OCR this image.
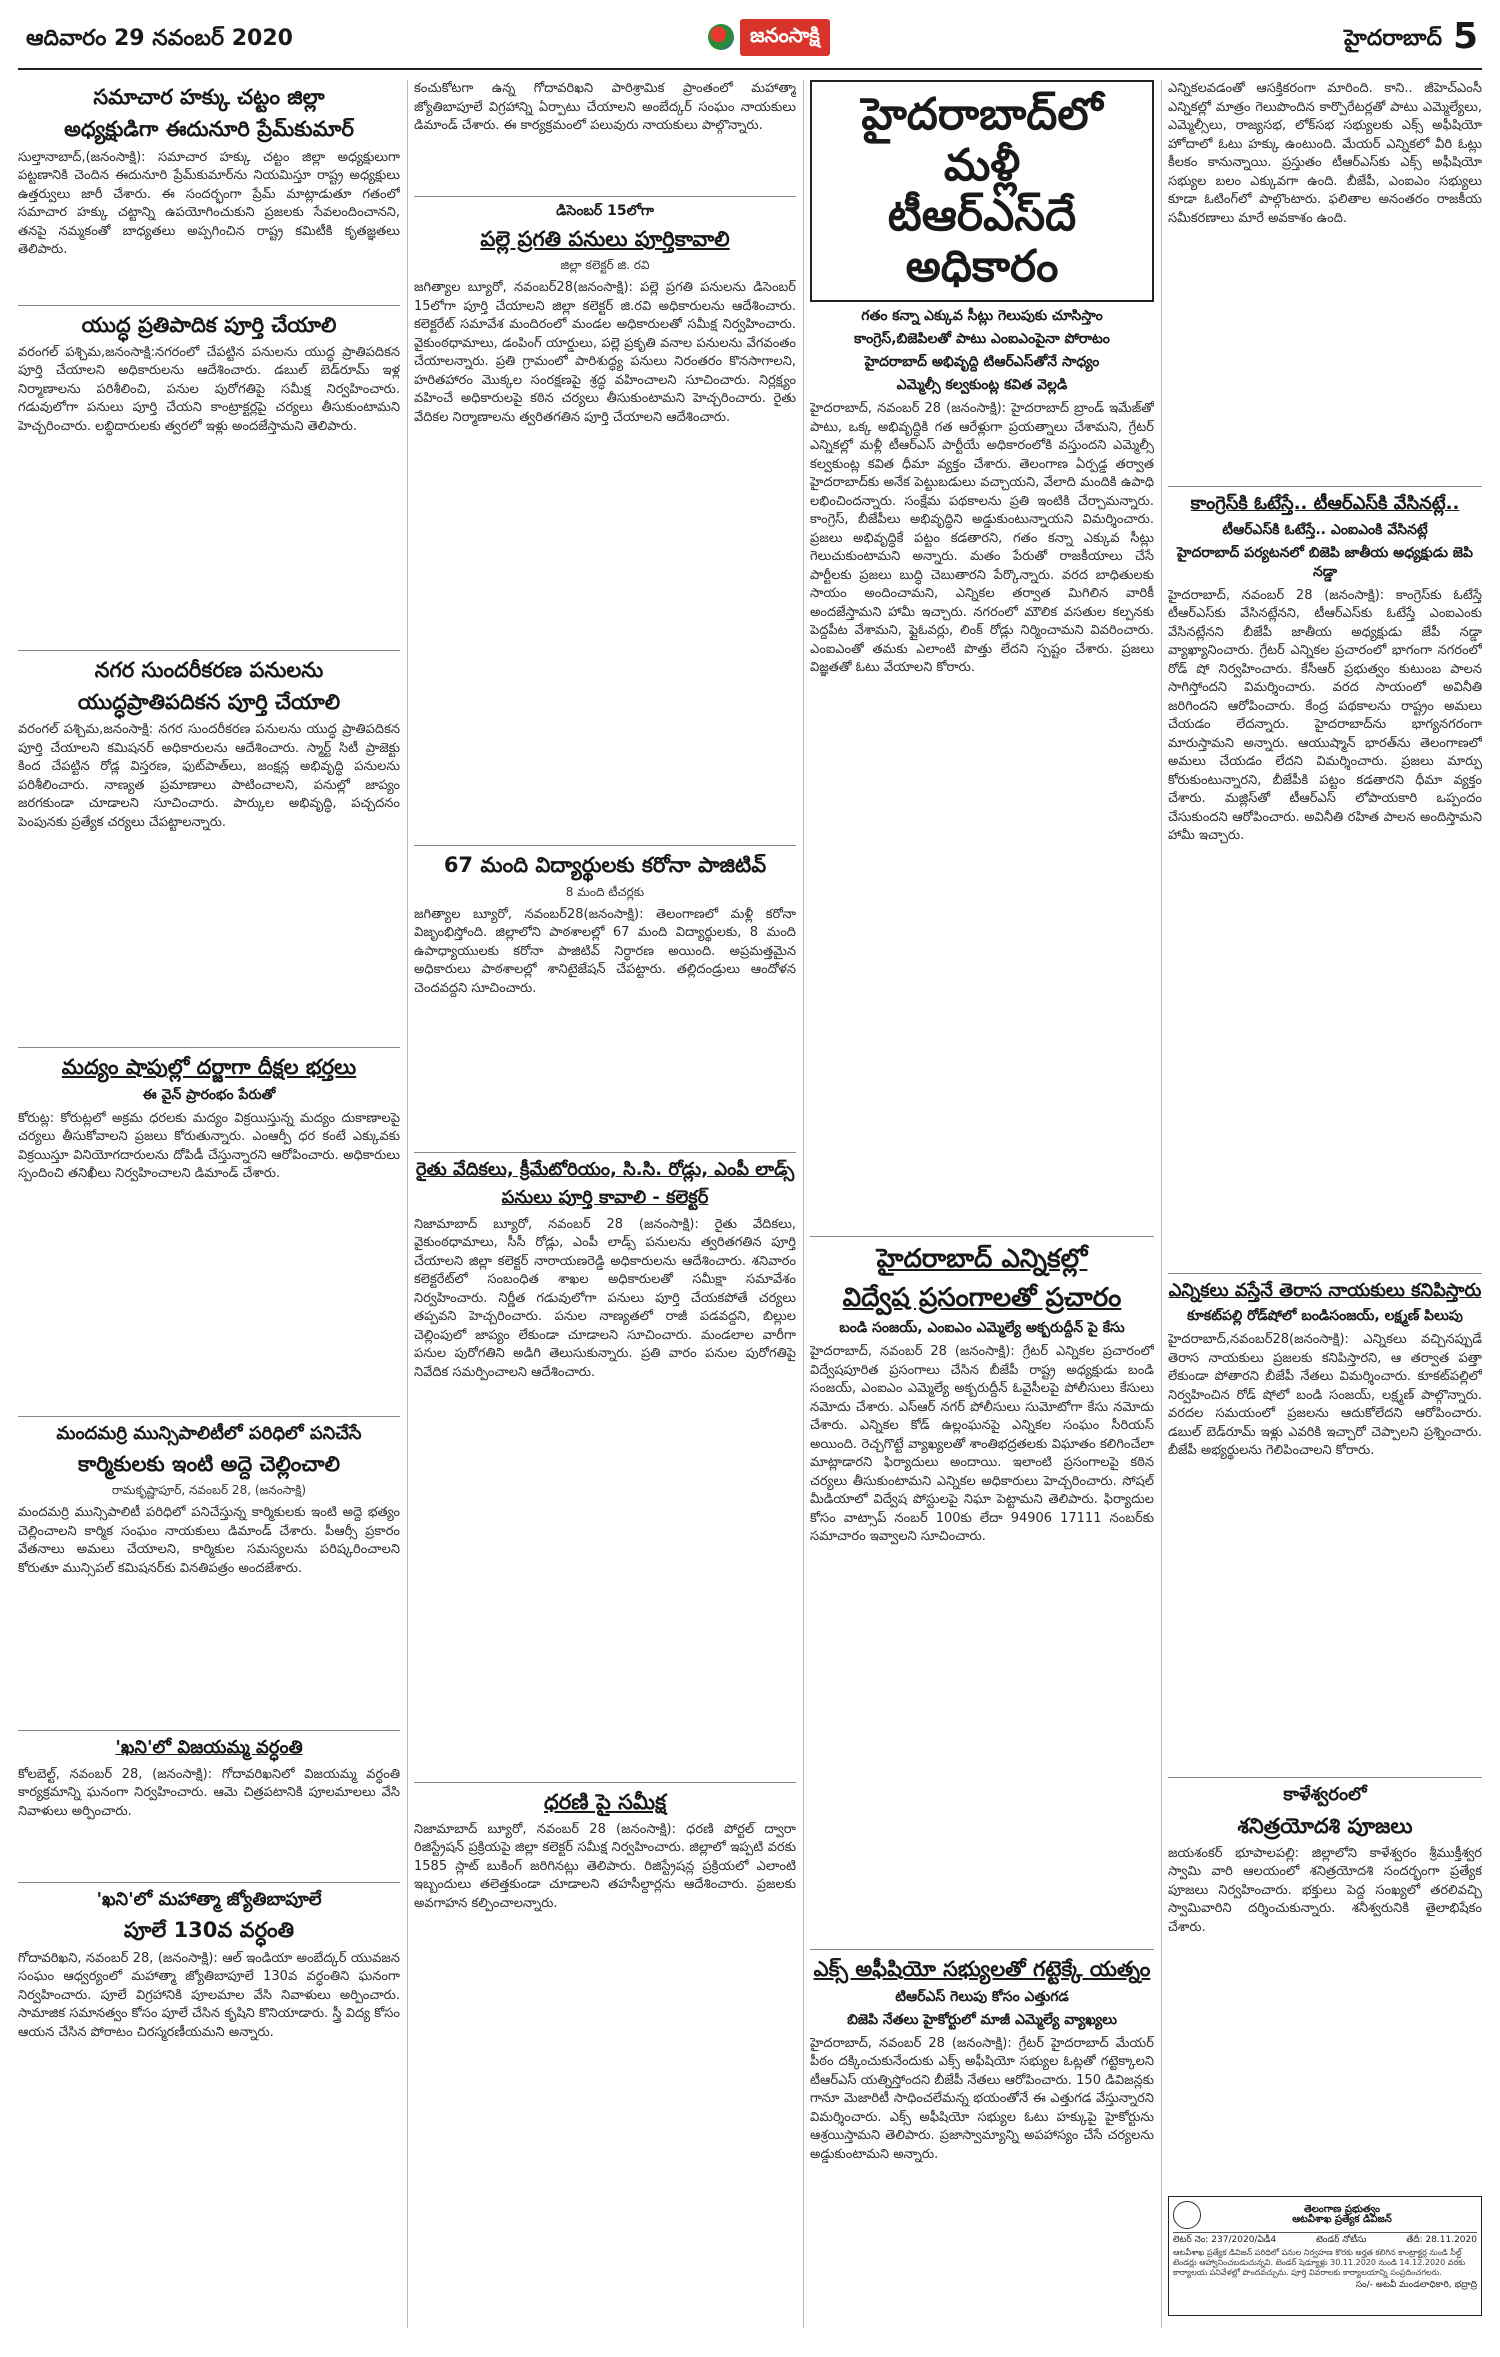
ఆదివారం 29 నవంబర్ 2020	జనంసాక్షి	హైదరాబాద్ 5
సమాచార హక్కు చట్టం జిల్లా
అధ్యక్షుడిగా ఈదునూరి ప్రేమ్‌కుమార్
సుల్తానాబాద్,(జనంసాక్షి): సమాచార హక్కు చట్టం జిల్లా అధ్యక్షులుగా పట్టణానికి చెందిన ఈదునూరి ప్రేమ్‌కుమార్‌ను నియమిస్తూ రాష్ట్ర అధ్యక్షులు ఉత్తర్వులు జారీ చేశారు. ఈ సందర్భంగా ప్రేమ్ మాట్లాడుతూ గతంలో సమాచార హక్కు చట్టాన్ని ఉపయోగించుకుని ప్రజలకు సేవలందించానని, తనపై నమ్మకంతో బాధ్యతలు అప్పగించిన రాష్ట్ర కమిటీకి కృతజ్ఞతలు తెలిపారు.
యుద్ధ ప్రతిపాదిక పూర్తి చేయాలి
వరంగల్ పశ్చిమ,జనంసాక్షి:నగరంలో చేపట్టిన పనులను యుద్ధ ప్రాతిపదికన పూర్తి చేయాలని అధికారులను ఆదేశించారు. డబుల్ బెడ్‌రూమ్ ఇళ్ల నిర్మాణాలను పరిశీలించి, పనుల పురోగతిపై సమీక్ష నిర్వహించారు. గడువులోగా పనులు పూర్తి చేయని కాంట్రాక్టర్లపై చర్యలు తీసుకుంటామని హెచ్చరించారు. లబ్ధిదారులకు త్వరలో ఇళ్లు అందజేస్తామని తెలిపారు.
నగర సుందరీకరణ పనులను
యుద్ధప్రాతిపదికన పూర్తి చేయాలి
వరంగల్ పశ్చిమ,జనంసాక్షి: నగర సుందరీకరణ పనులను యుద్ధ ప్రాతిపదికన పూర్తి చేయాలని కమిషనర్ అధికారులను ఆదేశించారు. స్మార్ట్ సిటీ ప్రాజెక్టు కింద చేపట్టిన రోడ్ల విస్తరణ, ఫుట్‌పాత్‌లు, జంక్షన్ల అభివృద్ధి పనులను పరిశీలించారు. నాణ్యత ప్రమాణాలు పాటించాలని, పనుల్లో జాప్యం జరగకుండా చూడాలని సూచించారు. పార్కుల అభివృద్ధి, పచ్చదనం పెంపునకు ప్రత్యేక చర్యలు చేపట్టాలన్నారు.
మద్యం షాపుల్లో దర్జాగా దీక్షల భర్తలు
ఈ వైన్ ప్రారంభం పేరుతో
కోరుట్ల: కోరుట్లలో అక్రమ ధరలకు మద్యం విక్రయిస్తున్న మద్యం దుకాణాలపై చర్యలు తీసుకోవాలని ప్రజలు కోరుతున్నారు. ఎంఆర్పీ ధర కంటే ఎక్కువకు విక్రయిస్తూ వినియోగదారులను దోపిడీ చేస్తున్నారని ఆరోపించారు. అధికారులు స్పందించి తనిఖీలు నిర్వహించాలని డిమాండ్ చేశారు.
మందమర్రి మున్సిపాలిటీలో పరిధిలో పనిచేసే
కార్మికులకు ఇంటి అద్దె చెల్లించాలి
రామకృష్ణాపూర్, నవంబర్ 28, (జనంసాక్షి)
మందమర్రి మున్సిపాలిటీ పరిధిలో పనిచేస్తున్న కార్మికులకు ఇంటి అద్దె భత్యం చెల్లించాలని కార్మిక సంఘం నాయకులు డిమాండ్ చేశారు. పీఆర్సీ ప్రకారం వేతనాలు అమలు చేయాలని, కార్మికుల సమస్యలను పరిష్కరించాలని కోరుతూ మున్సిపల్ కమిషనర్‌కు వినతిపత్రం అందజేశారు.
'ఖని'లో విజయమ్మ వర్ధంతి
కోలబెల్ట్, నవంబర్ 28, (జనంసాక్షి): గోదావరిఖనిలో విజయమ్మ వర్ధంతి కార్యక్రమాన్ని ఘనంగా నిర్వహించారు. ఆమె చిత్రపటానికి పూలమాలలు వేసి నివాళులు అర్పించారు.
'ఖని'లో మహాత్మా జ్యోతిబాపూలే
పూలే 130వ వర్ధంతి
గోదావరిఖని, నవంబర్ 28, (జనంసాక్షి): ఆల్ ఇండియా అంబేద్కర్ యువజన సంఘం ఆధ్వర్యంలో మహాత్మా జ్యోతిబాపూలే 130వ వర్ధంతిని ఘనంగా నిర్వహించారు. పూలే విగ్రహానికి పూలమాల వేసి నివాళులు అర్పించారు. సామాజిక సమానత్వం కోసం పూలే చేసిన కృషిని కొనియాడారు. స్త్రీ విద్య కోసం ఆయన చేసిన పోరాటం చిరస్మరణీయమని అన్నారు.
కంచుకోటగా ఉన్న గోదావరిఖని పారిశ్రామిక ప్రాంతంలో మహాత్మా జ్యోతిబాపూలే విగ్రహాన్ని ఏర్పాటు చేయాలని అంబేద్కర్ సంఘం నాయకులు డిమాండ్ చేశారు. ఈ కార్యక్రమంలో పలువురు నాయకులు పాల్గొన్నారు.
డిసెంబర్ 15లోగా
పల్లె ప్రగతి పనులు పూర్తికావాలి
జిల్లా కలెక్టర్ జి. రవి
జగిత్యాల బ్యూరో, నవంబర్28(జనంసాక్షి): పల్లె ప్రగతి పనులను డిసెంబర్ 15లోగా పూర్తి చేయాలని జిల్లా కలెక్టర్ జి.రవి అధికారులను ఆదేశించారు. కలెక్టరేట్ సమావేశ మందిరంలో మండల అధికారులతో సమీక్ష నిర్వహించారు. వైకుంఠధామాలు, డంపింగ్ యార్డులు, పల్లె ప్రకృతి వనాల పనులను వేగవంతం చేయాలన్నారు. ప్రతి గ్రామంలో పారిశుద్ధ్య పనులు నిరంతరం కొనసాగాలని, హరితహారం మొక్కల సంరక్షణపై శ్రద్ధ వహించాలని సూచించారు. నిర్లక్ష్యం వహించే అధికారులపై కఠిన చర్యలు తీసుకుంటామని హెచ్చరించారు. రైతు వేదికల నిర్మాణాలను త్వరితగతిన పూర్తి చేయాలని ఆదేశించారు.
67 మంది విద్యార్థులకు కరోనా పాజిటివ్
8 మంది టీచర్లకు
జగిత్యాల బ్యూరో, నవంబర్28(జనంసాక్షి): తెలంగాణలో మళ్లీ కరోనా విజృంభిస్తోంది. జిల్లాలోని పాఠశాలల్లో 67 మంది విద్యార్థులకు, 8 మంది ఉపాధ్యాయులకు కరోనా పాజిటివ్ నిర్ధారణ అయింది. అప్రమత్తమైన అధికారులు పాఠశాలల్లో శానిటైజేషన్ చేపట్టారు. తల్లిదండ్రులు ఆందోళన చెందవద్దని సూచించారు.
రైతు వేదికలు, క్రీమేటోరియం, సి.సి. రోడ్లు, ఎంపీ లాడ్స్
పనులు పూర్తి కావాలి - కలెక్టర్
నిజామాబాద్ బ్యూరో, నవంబర్ 28 (జనంసాక్షి): రైతు వేదికలు, వైకుంఠధామాలు, సీసీ రోడ్లు, ఎంపీ లాడ్స్ పనులను త్వరితగతిన పూర్తి చేయాలని జిల్లా కలెక్టర్ నారాయణరెడ్డి అధికారులను ఆదేశించారు. శనివారం కలెక్టరేట్‌లో సంబంధిత శాఖల అధికారులతో సమీక్షా సమావేశం నిర్వహించారు. నిర్ణీత గడువులోగా పనులు పూర్తి చేయకపోతే చర్యలు తప్పవని హెచ్చరించారు. పనుల నాణ్యతలో రాజీ పడవద్దని, బిల్లుల చెల్లింపులో జాప్యం లేకుండా చూడాలని సూచించారు. మండలాల వారీగా పనుల పురోగతిని అడిగి తెలుసుకున్నారు. ప్రతి వారం పనుల పురోగతిపై నివేదిక సమర్పించాలని ఆదేశించారు.
ధరణి పై సమీక్ష
నిజామాబాద్ బ్యూరో, నవంబర్ 28 (జనంసాక్షి): ధరణి పోర్టల్ ద్వారా రిజిస్ట్రేషన్ ప్రక్రియపై జిల్లా కలెక్టర్ సమీక్ష నిర్వహించారు. జిల్లాలో ఇప్పటి వరకు 1585 స్లాట్ బుకింగ్ జరిగినట్లు తెలిపారు. రిజిస్ట్రేషన్ల ప్రక్రియలో ఎలాంటి ఇబ్బందులు తలెత్తకుండా చూడాలని తహసీల్దార్లను ఆదేశించారు. ప్రజలకు అవగాహన కల్పించాలన్నారు.
హైదరాబాద్‌లో మళ్లీ
టీఆర్ఎస్‌దే అధికారం
గతం కన్నా ఎక్కువ సీట్లు గెలుపుకు చూసిస్తాం
కాంగ్రెస్,బిజెపిలతో పాటు ఎంఐఎంపైనా పోరాటం
హైదరాబాద్ అభివృద్ది టిఆర్ఎస్‌తోనే సాధ్యం
ఎమ్మెల్సీ కల్వకుంట్ల కవిత వెల్లడి
హైదరాబాద్, నవంబర్ 28 (జనంసాక్షి): హైదరాబాద్ బ్రాండ్ ఇమేజ్‌తో పాటు, ఒక్క అభివృద్ధికి గత ఆరేళ్లుగా ప్రయత్నాలు చేశామని, గ్రేటర్ ఎన్నికల్లో మళ్లీ టీఆర్ఎస్ పార్టీయే అధికారంలోకి వస్తుందని ఎమ్మెల్సీ కల్వకుంట్ల కవిత ధీమా వ్యక్తం చేశారు. తెలంగాణ ఏర్పడ్డ తర్వాత హైదరాబాద్‌కు అనేక పెట్టుబడులు వచ్చాయని, వేలాది మందికి ఉపాధి లభించిందన్నారు. సంక్షేమ పథకాలను ప్రతి ఇంటికి చేర్చామన్నారు. కాంగ్రెస్, బీజేపీలు అభివృద్ధిని అడ్డుకుంటున్నాయని విమర్శించారు. ప్రజలు అభివృద్ధికే పట్టం కడతారని, గతం కన్నా ఎక్కువ సీట్లు గెలుచుకుంటామని అన్నారు. మతం పేరుతో రాజకీయాలు చేసే పార్టీలకు ప్రజలు బుద్ధి చెబుతారని పేర్కొన్నారు. వరద బాధితులకు సాయం అందించామని, ఎన్నికల తర్వాత మిగిలిన వారికీ అందజేస్తామని హామీ ఇచ్చారు. నగరంలో మౌలిక వసతుల కల్పనకు పెద్దపీట వేశామని, ఫ్లైఓవర్లు, లింక్ రోడ్లు నిర్మించామని వివరించారు. ఎంఐఎంతో తమకు ఎలాంటి పొత్తు లేదని స్పష్టం చేశారు. ప్రజలు విజ్ఞతతో ఓటు వేయాలని కోరారు.
హైదరాబాద్ ఎన్నికల్లో
విద్వేష ప్రసంగాలతో ప్రచారం
బండి సంజయ్, ఎంఐఎం ఎమ్మెల్యే అక్బరుద్దీన్ పై కేసు
హైదరాబాద్, నవంబర్ 28 (జనంసాక్షి): గ్రేటర్ ఎన్నికల ప్రచారంలో విద్వేషపూరిత ప్రసంగాలు చేసిన బీజేపీ రాష్ట్ర అధ్యక్షుడు బండి సంజయ్, ఎంఐఎం ఎమ్మెల్యే అక్బరుద్దీన్ ఓవైసీలపై పోలీసులు కేసులు నమోదు చేశారు. ఎస్ఆర్ నగర్ పోలీసులు సుమోటోగా కేసు నమోదు చేశారు. ఎన్నికల కోడ్ ఉల్లంఘనపై ఎన్నికల సంఘం సీరియస్ అయింది. రెచ్చగొట్టే వ్యాఖ్యలతో శాంతిభద్రతలకు విఘాతం కలిగించేలా మాట్లాడారని ఫిర్యాదులు అందాయి. ఇలాంటి ప్రసంగాలపై కఠిన చర్యలు తీసుకుంటామని ఎన్నికల అధికారులు హెచ్చరించారు. సోషల్ మీడియాలో విద్వేష పోస్టులపై నిఘా పెట్టామని తెలిపారు. ఫిర్యాదుల కోసం వాట్సాప్ నంబర్ 100కు లేదా 94906 17111 నంబర్‌కు సమాచారం ఇవ్వాలని సూచించారు.
ఎక్స్ అఫీషియో సభ్యులతో గట్టెక్కే యత్నం
టిఆర్ఎస్ గెలుపు కోసం ఎత్తుగడ
బిజెపి నేతలు హైకోర్టులో మాజీ ఎమ్మెల్యే వ్యాఖ్యలు
హైదరాబాద్, నవంబర్ 28 (జనంసాక్షి): గ్రేటర్ హైదరాబాద్ మేయర్ పీఠం దక్కించుకునేందుకు ఎక్స్ అఫీషియో సభ్యుల ఓట్లతో గట్టెక్కాలని టీఆర్ఎస్ యత్నిస్తోందని బీజేపీ నేతలు ఆరోపించారు. 150 డివిజన్లకు గానూ మెజారిటీ సాధించలేమన్న భయంతోనే ఈ ఎత్తుగడ వేస్తున్నారని విమర్శించారు. ఎక్స్ అఫీషియో సభ్యుల ఓటు హక్కుపై హైకోర్టును ఆశ్రయిస్తామని తెలిపారు. ప్రజాస్వామ్యాన్ని అపహాస్యం చేసే చర్యలను అడ్డుకుంటామని అన్నారు.
ఎన్నికలవడంతో ఆసక్తికరంగా మారింది. కాని.. జీహెచ్ఎంసీ ఎన్నికల్లో మాత్రం గెలుపొందిన కార్పొరేటర్లతో పాటు ఎమ్మెల్యేలు, ఎమ్మెల్సీలు, రాజ్యసభ, లోక్‌సభ సభ్యులకు ఎక్స్ అఫీషియో హోదాలో ఓటు హక్కు ఉంటుంది. మేయర్ ఎన్నికలో వీరి ఓట్లు కీలకం కానున్నాయి. ప్రస్తుతం టీఆర్ఎస్‌కు ఎక్స్ అఫీషియో సభ్యుల బలం ఎక్కువగా ఉంది. బీజేపీ, ఎంఐఎం సభ్యులు కూడా ఓటింగ్‌లో పాల్గొంటారు. ఫలితాల అనంతరం రాజకీయ సమీకరణాలు మారే అవకాశం ఉంది.
కాంగ్రెస్‌కి ఓటేస్తే.. టీఆర్ఎస్‌కి వేసినట్లే..
టీఆర్ఎస్‌కి ఓటేస్తే.. ఎంఐఎంకి వేసినట్లే
హైదరాబాద్ పర్యటనలో బిజెపి జాతీయ అధ్యక్షుడు జెపి నడ్డా
హైదరాబాద్, నవంబర్ 28 (జనంసాక్షి): కాంగ్రెస్‌కు ఓటేస్తే టీఆర్ఎస్‌కు వేసినట్లేనని, టీఆర్ఎస్‌కు ఓటేస్తే ఎంఐఎంకు వేసినట్లేనని బీజేపీ జాతీయ అధ్యక్షుడు జేపీ నడ్డా వ్యాఖ్యానించారు. గ్రేటర్ ఎన్నికల ప్రచారంలో భాగంగా నగరంలో రోడ్ షో నిర్వహించారు. కేసీఆర్ ప్రభుత్వం కుటుంబ పాలన సాగిస్తోందని విమర్శించారు. వరద సాయంలో అవినీతి జరిగిందని ఆరోపించారు. కేంద్ర పథకాలను రాష్ట్రం అమలు చేయడం లేదన్నారు. హైదరాబాద్‌ను భాగ్యనగరంగా మారుస్తామని అన్నారు. ఆయుష్మాన్ భారత్‌ను తెలంగాణలో అమలు చేయడం లేదని విమర్శించారు. ప్రజలు మార్పు కోరుకుంటున్నారని, బీజేపీకి పట్టం కడతారని ధీమా వ్యక్తం చేశారు. మజ్లిస్‌తో టీఆర్ఎస్ లోపాయకారి ఒప్పందం చేసుకుందని ఆరోపించారు. అవినీతి రహిత పాలన అందిస్తామని హామీ ఇచ్చారు.
ఎన్నికలు వస్తేనే తెరాస నాయకులు కనిపిస్తారు
కూకట్‌పల్లి రోడ్‌షోలో బండిసంజయ్, లక్ష్మణ్ పిలుపు
హైదరాబాద్,నవంబర్28(జనంసాక్షి): ఎన్నికలు వచ్చినప్పుడే తెరాస నాయకులు ప్రజలకు కనిపిస్తారని, ఆ తర్వాత పత్తా లేకుండా పోతారని బీజేపీ నేతలు విమర్శించారు. కూకట్‌పల్లిలో నిర్వహించిన రోడ్ షోలో బండి సంజయ్, లక్ష్మణ్ పాల్గొన్నారు. వరదల సమయంలో ప్రజలను ఆదుకోలేదని ఆరోపించారు. డబుల్ బెడ్‌రూమ్ ఇళ్లు ఎవరికి ఇచ్చారో చెప్పాలని ప్రశ్నించారు. బీజేపీ అభ్యర్థులను గెలిపించాలని కోరారు.
కాళేశ్వరంలో
శనిత్రయోదశి పూజలు
జయశంకర్ భూపాలపల్లి: జిల్లాలోని కాళేశ్వరం శ్రీముక్తీశ్వర స్వామి వారి ఆలయంలో శనిత్రయోదశి సందర్భంగా ప్రత్యేక పూజలు నిర్వహించారు. భక్తులు పెద్ద సంఖ్యలో తరలివచ్చి స్వామివారిని దర్శించుకున్నారు. శనీశ్వరునికి తైలాభిషేకం చేశారు.
తెలంగాణ ప్రభుత్వం
ఆటవీశాఖ ప్రత్యేక డివిజన్
లెటర్ నెం: 237/2020/ఏడీ4	టెండర్ నోటీసు	తేదీ: 28.11.2020
ఆటవీశాఖ ప్రత్యేక డివిజన్ పరిధిలో పనుల నిర్వహణ కొరకు అర్హత కలిగిన కాంట్రాక్టర్ల నుండి సీల్డ్ టెండర్లు ఆహ్వానించబడుచున్నవి. టెండర్ షెడ్యూళ్లు 30.11.2020 నుండి 14.12.2020 వరకు కార్యాలయ పనివేళల్లో పొందవచ్చును. పూర్తి వివరాలకు కార్యాలయాన్ని సంప్రదించగలరు.
సం/- అటవీ మండలాధికారి, భద్రాద్రి
